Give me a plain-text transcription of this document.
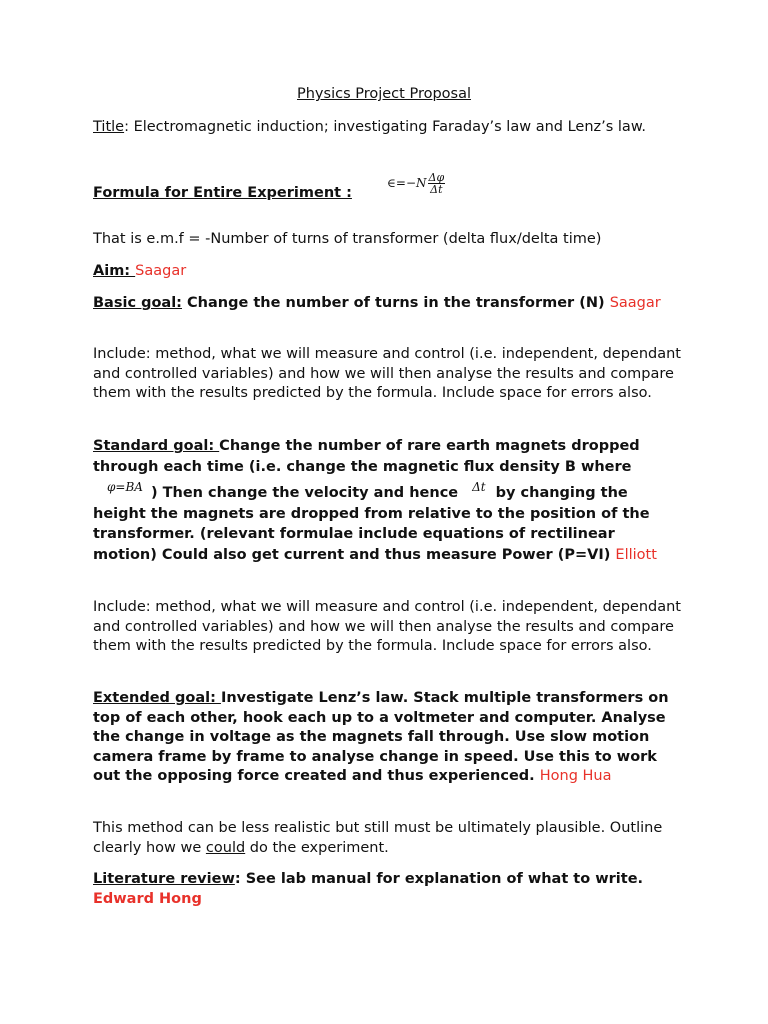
Physics Project Proposal

Title: Electromagnetic induction; investigating Faraday’s law and Lenz’s law.

Formula for Entire Experiment :

∈=−N $\frac{\Delta\varphi}{\Delta t}$

That is e.m.f = -Number of turns of transformer (delta flux/delta time)

Aim: Saagar

Basic goal: Change the number of turns in the transformer (N) Saagar

Include: method, what we will measure and control (i.e. independent, dependant and controlled variables) and how we will then analyse the results and compare them with the results predicted by the formula. Include space for errors also.

Standard goal: Change the number of rare earth magnets dropped through each time (i.e. change the magnetic flux density B whereφ=BA ) Then change the velocity and hence Δt by changing the height the magnets are dropped from relative to the position of the transformer. (relevant formulae include equations of rectilinear motion) Could also get current and thus measure Power (P=VI) Elliott

Include: method, what we will measure and control (i.e. independent, dependant and controlled variables) and how we will then analyse the results and compare them with the results predicted by the formula. Include space for errors also.

Extended goal: Investigate Lenz’s law. Stack multiple transformers on top of each other, hook each up to a voltmeter and computer. Analyse the change in voltage as the magnets fall through. Use slow motion camera frame by frame to analyse change in speed. Use this to work out the opposing force created and thus experienced. Hong Hua

This method can be less realistic but still must be ultimately plausible. Outline clearly how we could do the experiment.

Literature review: See lab manual for explanation of what to write. Edward Hong
